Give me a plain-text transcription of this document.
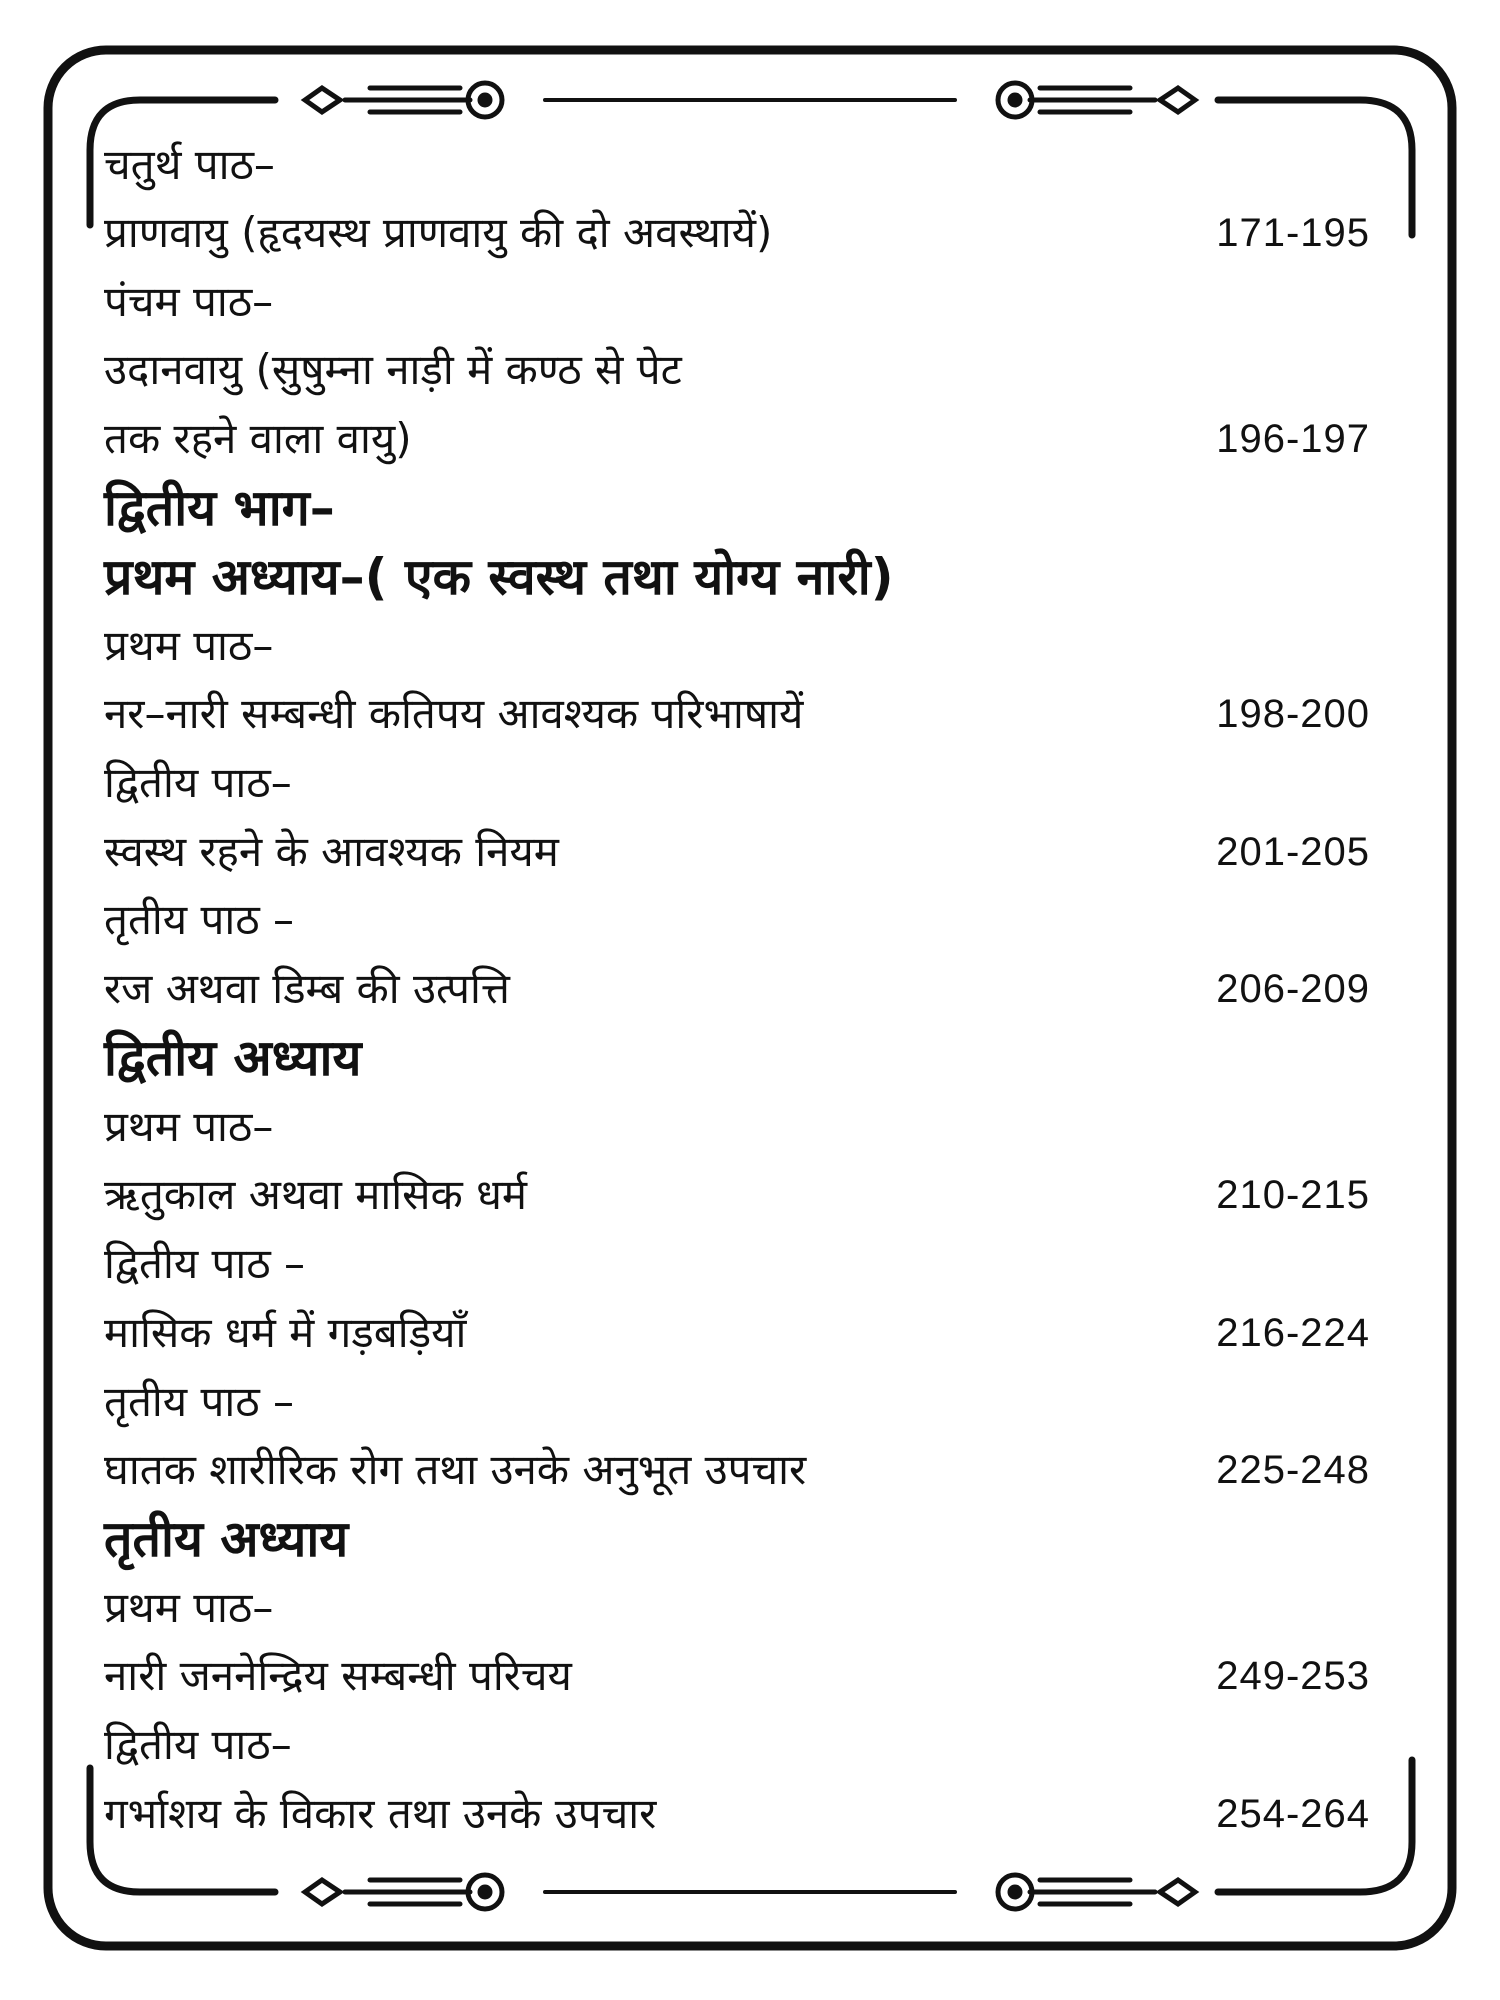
चतुर्थ पाठ–
प्राणवायु (हृदयस्थ प्राणवायु की दो अवस्थायें)	171-195
पंचम पाठ–
उदानवायु (सुषुम्ना नाड़ी में कण्ठ से पेट
तक रहने वाला वायु)	196-197
द्वितीय भाग–
प्रथम अध्याय–( एक स्वस्थ तथा योग्य नारी)
प्रथम पाठ–
नर–नारी सम्बन्धी कतिपय आवश्यक परिभाषायें	198-200
द्वितीय पाठ–
स्वस्थ रहने के आवश्यक नियम	201-205
तृतीय पाठ –
रज अथवा डिम्ब की उत्पत्ति	206-209
द्वितीय अध्याय
प्रथम पाठ–
ऋतुकाल अथवा मासिक धर्म	210-215
द्वितीय पाठ –
मासिक धर्म में गड़बड़ियाँ	216-224
तृतीय पाठ –
घातक शारीरिक रोग तथा उनके अनुभूत उपचार	225-248
तृतीय अध्याय
प्रथम पाठ–
नारी जननेन्द्रिय सम्बन्धी परिचय	249-253
द्वितीय पाठ–
गर्भाशय के विकार तथा उनके उपचार	254-264
